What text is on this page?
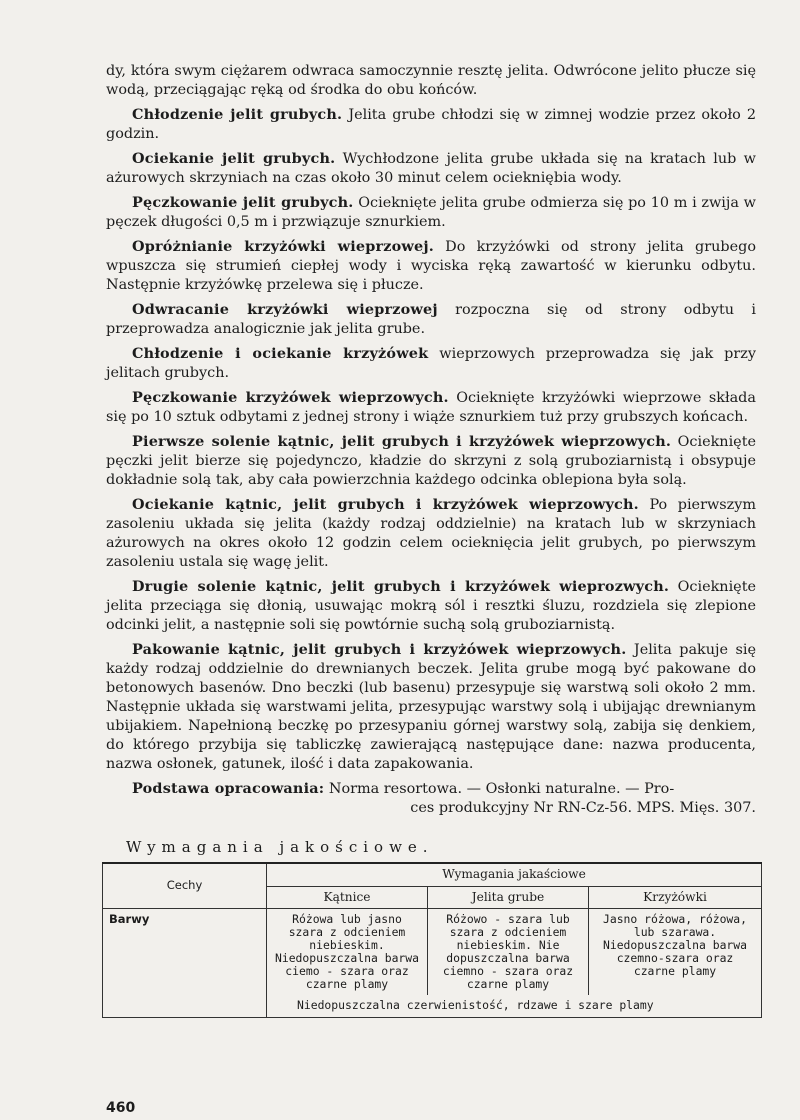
dy, która swym ciężarem odwraca samoczynnie resztę jelita. Odwrócone jelito płucze się wodą, przeciągając ręką od środka do obu końców.

Chłodzenie jelit grubych. Jelita grube chłodzi się w zimnej wodzie przez około 2 godzin.

Ociekanie jelit grubych. Wychłodzone jelita grube układa się na kratach lub w ażurowych skrzyniach na czas około 30 minut celem ociekniębia wody.

Pęczkowanie jelit grubych. Ocieknięte jelita grube odmierza się po 10 m i zwija w pęczek długości 0,5 m i przwiązuje sznurkiem.

Opróżnianie krzyżówki wieprzowej. Do krzyżówki od strony jelita grubego wpuszcza się strumień ciepłej wody i wyciska ręką zawartość w kierunku odbytu. Następnie krzyżówkę przelewa się i płucze.

Odwracanie krzyżówki wieprzowej rozpoczna się od strony odbytu i przeprowadza analogicznie jak jelita grube.

Chłodzenie i ociekanie krzyżówek wieprzowych przeprowadza się jak przy jelitach grubych.

Pęczkowanie krzyżówek wieprzowych. Ocieknięte krzyżówki wieprzowe składa się po 10 sztuk odbytami z jednej strony i wiąże sznurkiem tuż przy grubszych końcach.

Pierwsze solenie kątnic, jelit grubych i krzyżówek wieprzowych. Ocieknięte pęczki jelit bierze się pojedynczo, kładzie do skrzyni z solą gruboziarnistą i obsypuje dokładnie solą tak, aby cała powierzchnia każdego odcinka oblepiona była solą.

Ociekanie kątnic, jelit grubych i krzyżówek wieprzowych. Po pierwszym zasoleniu układa się jelita (każdy rodzaj oddzielnie) na kratach lub w skrzyniach ażurowych na okres około 12 godzin celem ocieknięcia jelit grubych, po pierwszym zasoleniu ustala się wagę jelit.

Drugie solenie kątnic, jelit grubych i krzyżówek wieprozwych. Ocieknięte jelita przeciąga się dłonią, usuwając mokrą sól i resztki śluzu, rozdziela się zlepione odcinki jelit, a następnie soli się powtórnie suchą solą gruboziarnistą.

Pakowanie kątnic, jelit grubych i krzyżówek wieprzowych. Jelita pakuje się każdy rodzaj oddzielnie do drewnianych beczek. Jelita grube mogą być pakowane do betonowych basenów. Dno beczki (lub basenu) przesypuje się warstwą soli około 2 mm. Następnie układa się warstwami jelita, przesypując warstwy solą i ubijając drewnianym ubijakiem. Napełnioną beczkę po przesypaniu górnej warstwy solą, zabija się denkiem, do którego przybija się tabliczkę zawierającą następujące dane: nazwa producenta, nazwa osłonek, gatunek, ilość i data zapakowania.

Podstawa opracowania: Norma resortowa. — Osłonki naturalne. — Pro-
ces produkcyjny Nr RN-Cz-56. MPS. Mięs. 307.

Wymagania jakościowe.
Cechy	Wymagania jakaściowe		
	Kątnice	Jelita grube	Krzyżówki
Barwy	Różowa lub jasno szara z odcieniem niebieskim. Niedopuszczalna barwa ciemo - szara oraz czarne plamy	Różowo - szara lub szara z odcieniem niebieskim. Nie dopuszczalna barwa ciemno - szara oraz czarne plamy	Jasno różowa, różowa, lub szarawa. Niedopuszczalna barwa czemno-szara oraz czarne plamy
	Niedopuszczalna czerwienistość, rdzawe i szare plamy		
460
